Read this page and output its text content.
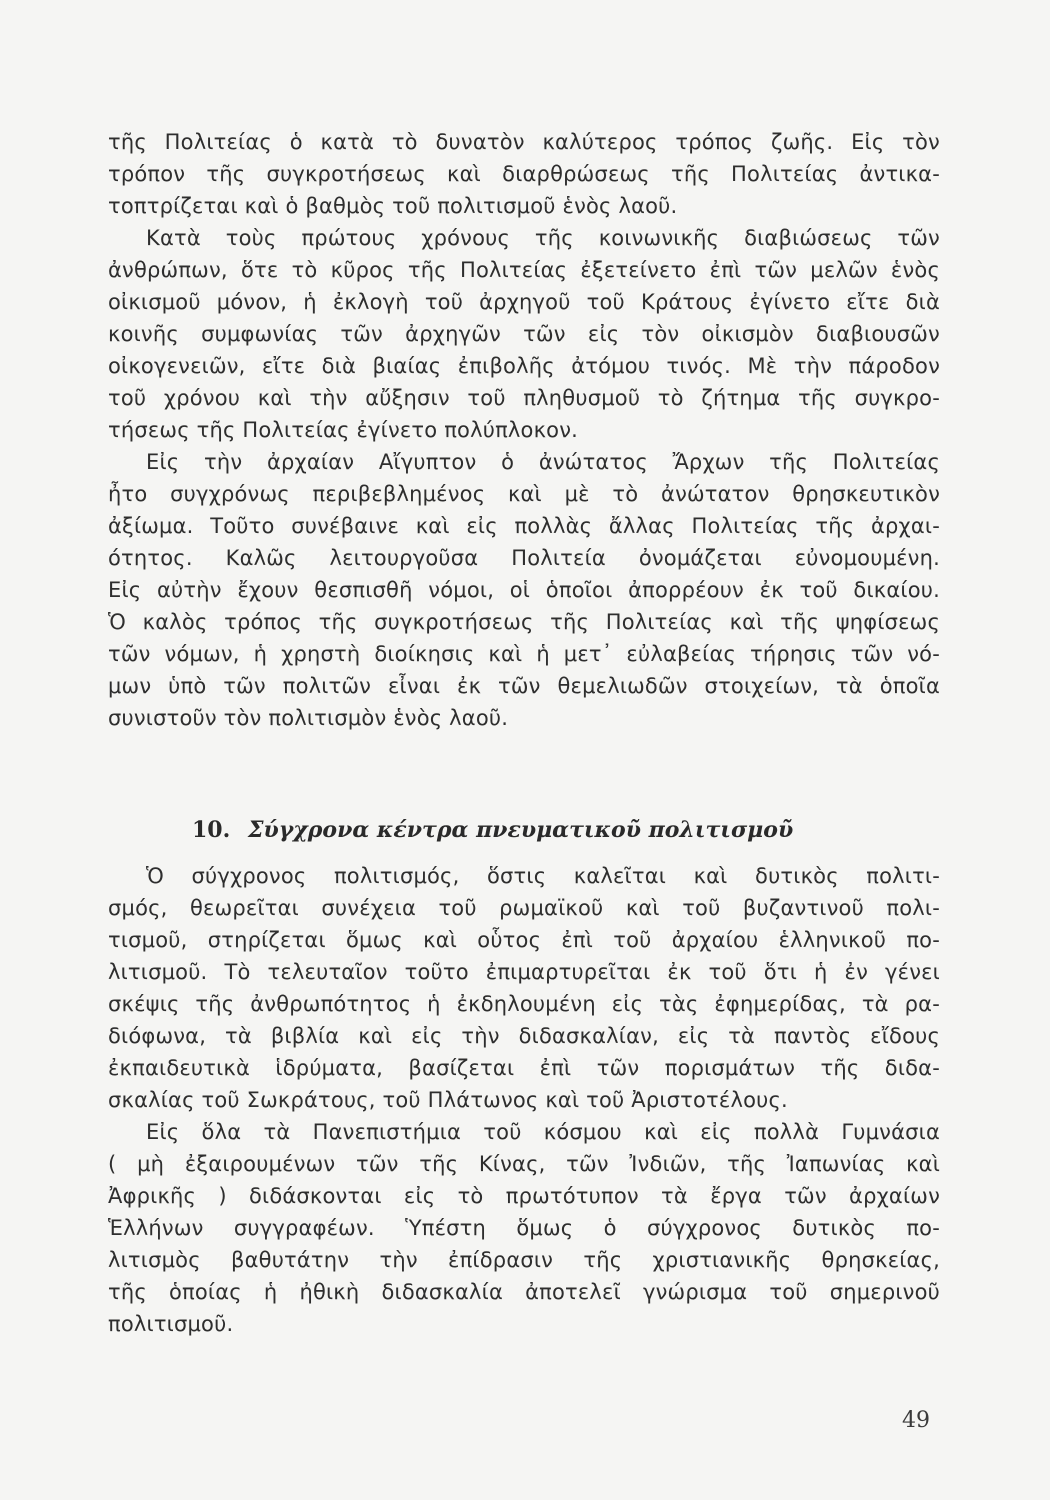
τῆς Πολιτείας ὁ κατὰ τὸ δυνατὸν καλύτερος τρόπος ζωῆς. Εἰς τὸν
τρόπον τῆς συγκροτήσεως καὶ διαρθρώσεως τῆς Πολιτείας ἀντικα-
τοπτρίζεται καὶ ὁ βαθμὸς τοῦ πολιτισμοῦ ἑνὸς λαοῦ.
Κατὰ τοὺς πρώτους χρόνους τῆς κοινωνικῆς διαβιώσεως τῶν
ἀνθρώπων, ὅτε τὸ κῦρος τῆς Πολιτείας ἐξετείνετο ἐπὶ τῶν μελῶν ἑνὸς
οἰκισμοῦ μόνον, ἡ ἐκλογὴ τοῦ ἀρχηγοῦ τοῦ Κράτους ἐγίνετο εἴτε διὰ
κοινῆς συμφωνίας τῶν ἀρχηγῶν τῶν εἰς τὸν οἰκισμὸν διαβιουσῶν
οἰκογενειῶν, εἴτε διὰ βιαίας ἐπιβολῆς ἀτόμου τινός. Μὲ τὴν πάροδον
τοῦ χρόνου καὶ τὴν αὔξησιν τοῦ πληθυσμοῦ τὸ ζήτημα τῆς συγκρο-
τήσεως τῆς Πολιτείας ἐγίνετο πολύπλοκον.
Εἰς τὴν ἀρχαίαν Αἴγυπτον ὁ ἀνώτατος Ἄρχων τῆς Πολιτείας
ἦτο συγχρόνως περιβεβλημένος καὶ μὲ τὸ ἀνώτατον θρησκευτικὸν
ἀξίωμα. Τοῦτο συνέβαινε καὶ εἰς πολλὰς ἄλλας Πολιτείας τῆς ἀρχαι-
ότητος. Καλῶς λειτουργοῦσα Πολιτεία ὀνομάζεται εὐνομουμένη.
Εἰς αὐτὴν ἔχουν θεσπισθῆ νόμοι, οἱ ὁποῖοι ἀπορρέουν ἐκ τοῦ δικαίου.
Ὁ καλὸς τρόπος τῆς συγκροτήσεως τῆς Πολιτείας καὶ τῆς ψηφίσεως
τῶν νόμων, ἡ χρηστὴ διοίκησις καὶ ἡ μετ᾽ εὐλαβείας τήρησις τῶν νό-
μων ὑπὸ τῶν πολιτῶν εἶναι ἐκ τῶν θεμελιωδῶν στοιχείων, τὰ ὁποῖα
συνιστοῦν τὸν πολιτισμὸν ἑνὸς λαοῦ.
10. Σύγχρονα κέντρα πνευματικοῦ πολιτισμοῦ
Ὁ σύγχρονος πολιτισμός, ὅστις καλεῖται καὶ δυτικὸς πολιτι-
σμός, θεωρεῖται συνέχεια τοῦ ρωμαϊκοῦ καὶ τοῦ βυζαντινοῦ πολι-
τισμοῦ, στηρίζεται ὅμως καὶ οὗτος ἐπὶ τοῦ ἀρχαίου ἑλληνικοῦ πο-
λιτισμοῦ. Τὸ τελευταῖον τοῦτο ἐπιμαρτυρεῖται ἐκ τοῦ ὅτι ἡ ἐν γένει
σκέψις τῆς ἀνθρωπότητος ἡ ἐκδηλουμένη εἰς τὰς ἐφημερίδας, τὰ ρα-
διόφωνα, τὰ βιβλία καὶ εἰς τὴν διδασκαλίαν, εἰς τὰ παντὸς εἴδους
ἐκπαιδευτικὰ ἱδρύματα, βασίζεται ἐπὶ τῶν πορισμάτων τῆς διδα-
σκαλίας τοῦ Σωκράτους, τοῦ Πλάτωνος καὶ τοῦ Ἀριστοτέλους.
Εἰς ὅλα τὰ Πανεπιστήμια τοῦ κόσμου καὶ εἰς πολλὰ Γυμνάσια
( μὴ ἐξαιρουμένων τῶν τῆς Κίνας, τῶν Ἰνδιῶν, τῆς Ἰαπωνίας καὶ
Ἀφρικῆς ) διδάσκονται εἰς τὸ πρωτότυπον τὰ ἔργα τῶν ἀρχαίων
Ἑλλήνων συγγραφέων. Ὑπέστη ὅμως ὁ σύγχρονος δυτικὸς πο-
λιτισμὸς βαθυτάτην τὴν ἐπίδρασιν τῆς χριστιανικῆς θρησκείας,
τῆς ὁποίας ἡ ἠθικὴ διδασκαλία ἀποτελεῖ γνώρισμα τοῦ σημερινοῦ
πολιτισμοῦ.
49
